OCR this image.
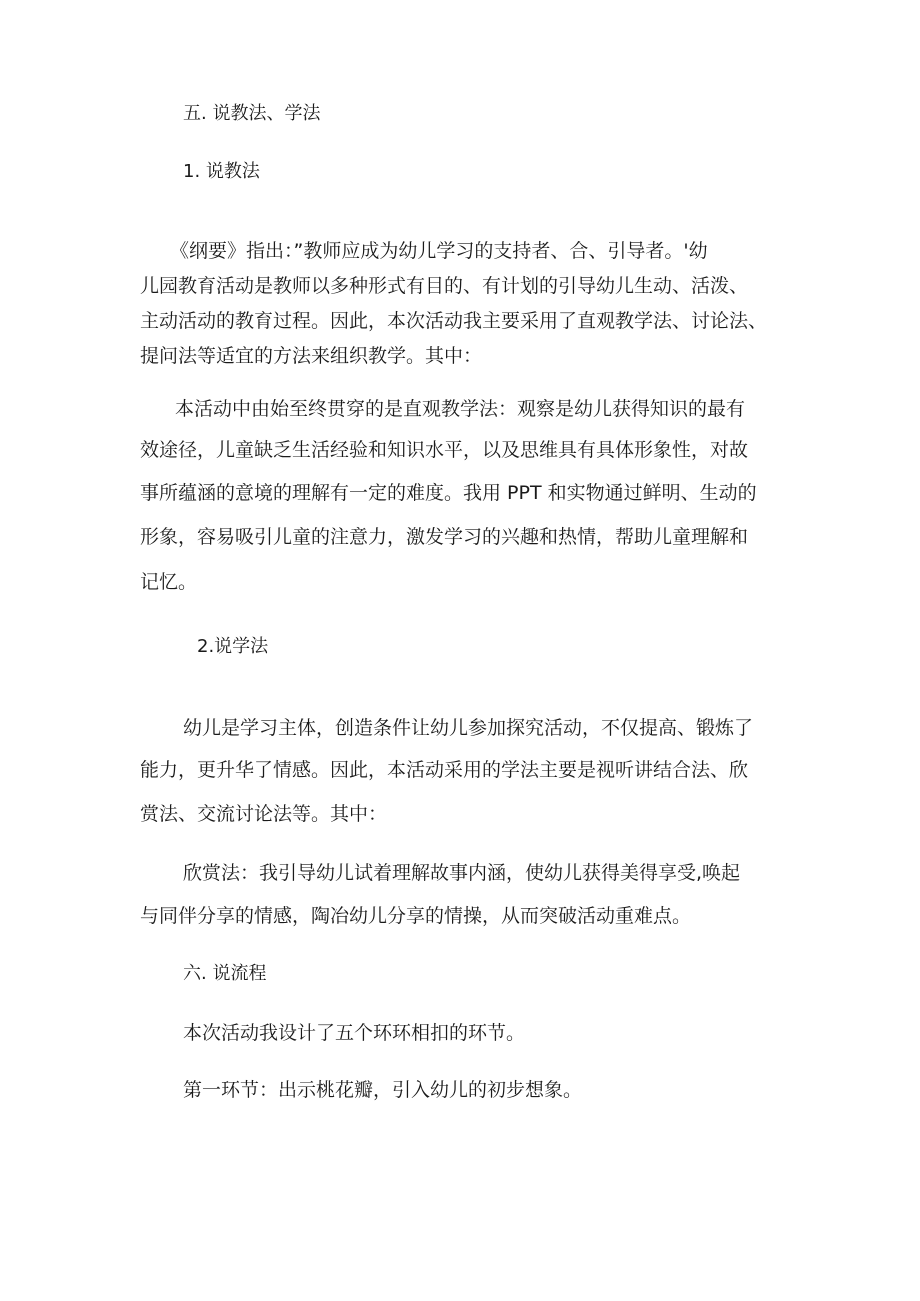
五. 说教法、学法
1. 说教法
《纲要》指出：”教师应成为幼儿学习的支持者、合、引导者。'幼
儿园教育活动是教师以多种形式有目的、有计划的引导幼儿生动、活泼、
主动活动的教育过程。因此，本次活动我主要采用了直观教学法、讨论法、
提问法等适宜的方法来组织教学。其中：
本活动中由始至终贯穿的是直观教学法：观察是幼儿获得知识的最有
效途径，儿童缺乏生活经验和知识水平，以及思维具有具体形象性，对故
事所蕴涵的意境的理解有一定的难度。我用 PPT 和实物通过鲜明、生动的
形象，容易吸引儿童的注意力，激发学习的兴趣和热情，帮助儿童理解和
记忆。
2.说学法
幼儿是学习主体，创造条件让幼儿参加探究活动，不仅提高、锻炼了
能力，更升华了情感。因此，本活动采用的学法主要是视听讲结合法、欣
赏法、交流讨论法等。其中：
欣赏法：我引导幼儿试着理解故事内涵，使幼儿获得美得享受,唤起
与同伴分享的情感，陶冶幼儿分享的情操，从而突破活动重难点。
六. 说流程
本次活动我设计了五个环环相扣的环节。
第一环节：出示桃花瓣，引入幼儿的初步想象。
